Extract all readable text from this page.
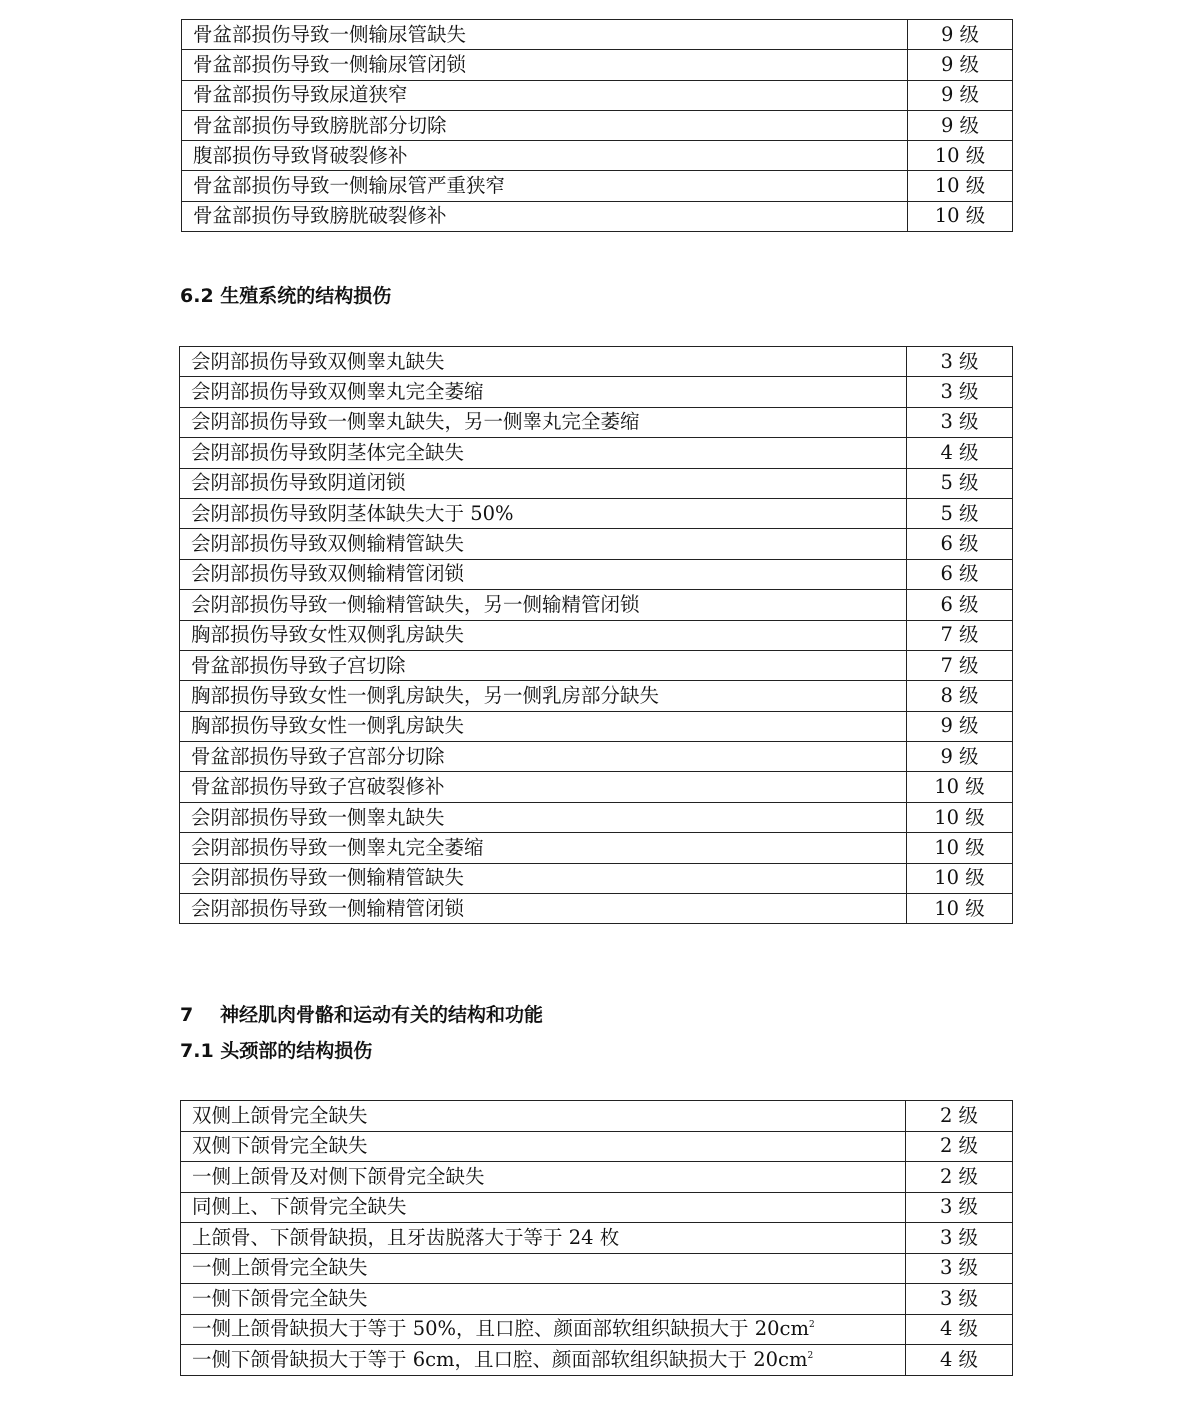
骨盆部损伤导致一侧输尿管缺失	9 级
骨盆部损伤导致一侧输尿管闭锁	9 级
骨盆部损伤导致尿道狭窄	9 级
骨盆部损伤导致膀胱部分切除	9 级
腹部损伤导致肾破裂修补	10 级
骨盆部损伤导致一侧输尿管严重狭窄	10 级
骨盆部损伤导致膀胱破裂修补	10 级
6.2 生殖系统的结构损伤
会阴部损伤导致双侧睾丸缺失	3 级
会阴部损伤导致双侧睾丸完全萎缩	3 级
会阴部损伤导致一侧睾丸缺失，另一侧睾丸完全萎缩	3 级
会阴部损伤导致阴茎体完全缺失	4 级
会阴部损伤导致阴道闭锁	5 级
会阴部损伤导致阴茎体缺失大于 50%	5 级
会阴部损伤导致双侧输精管缺失	6 级
会阴部损伤导致双侧输精管闭锁	6 级
会阴部损伤导致一侧输精管缺失，另一侧输精管闭锁	6 级
胸部损伤导致女性双侧乳房缺失	7 级
骨盆部损伤导致子宫切除	7 级
胸部损伤导致女性一侧乳房缺失，另一侧乳房部分缺失	8 级
胸部损伤导致女性一侧乳房缺失	9 级
骨盆部损伤导致子宫部分切除	9 级
骨盆部损伤导致子宫破裂修补	10 级
会阴部损伤导致一侧睾丸缺失	10 级
会阴部损伤导致一侧睾丸完全萎缩	10 级
会阴部损伤导致一侧输精管缺失	10 级
会阴部损伤导致一侧输精管闭锁	10 级
7 神经肌肉骨骼和运动有关的结构和功能
7.1 头颈部的结构损伤
双侧上颌骨完全缺失	2 级
双侧下颌骨完全缺失	2 级
一侧上颌骨及对侧下颌骨完全缺失	2 级
同侧上、下颌骨完全缺失	3 级
上颌骨、下颌骨缺损，且牙齿脱落大于等于 24 枚	3 级
一侧上颌骨完全缺失	3 级
一侧下颌骨完全缺失	3 级
一侧上颌骨缺损大于等于 50%，且口腔、颜面部软组织缺损大于 $20cm^2$	4 级
一侧下颌骨缺损大于等于 6cm，且口腔、颜面部软组织缺损大于 $20cm^2$	4 级
